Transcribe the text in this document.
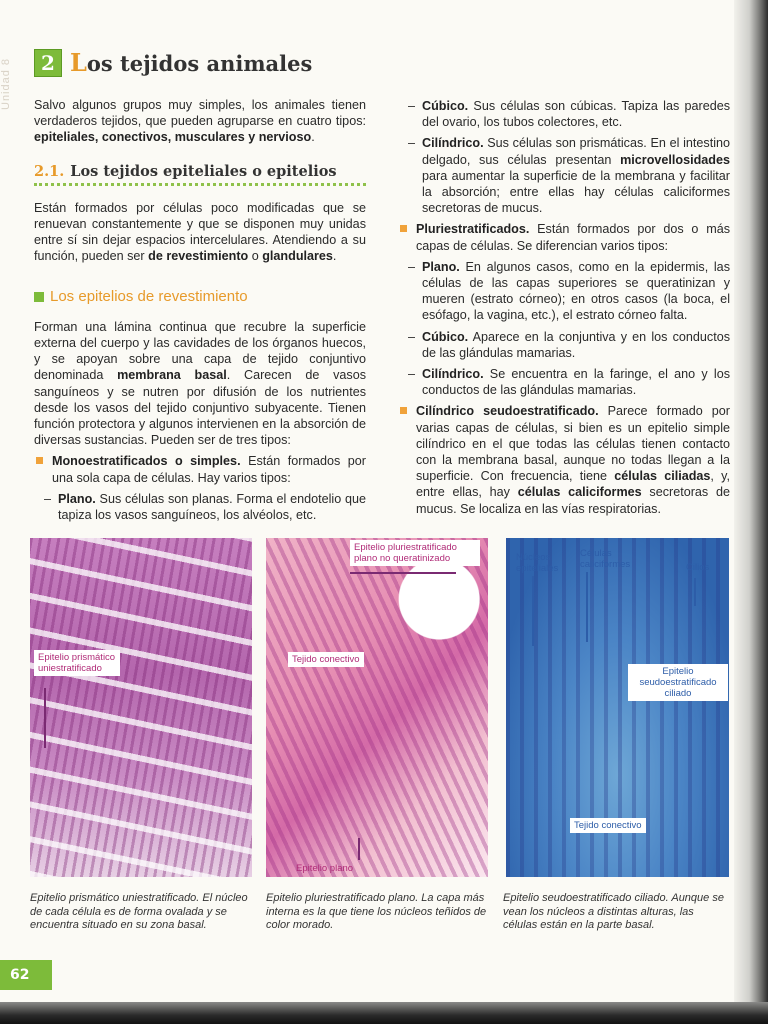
Unidad 8	2 Los tejidos animales

Salvo algunos grupos muy simples, los animales tienen verdaderos tejidos, que pueden agruparse en cuatro tipos: epiteliales, conectivos, musculares y nervioso.

2.1. Los tejidos epiteliales o epitelios

Están formados por células poco modificadas que se renuevan constantemente y que se disponen muy unidas entre sí sin dejar espacios intercelulares. Atendiendo a su función, pueden ser de revestimiento o glandulares.

Los epitelios de revestimiento

Forman una lámina continua que recubre la superficie externa del cuerpo y las cavidades de los órganos huecos, y se apoyan sobre una capa de tejido conjuntivo denominada membrana basal. Carecen de vasos sanguíneos y se nutren por difusión de los nutrientes desde los vasos del tejido conjuntivo subyacente. Tienen función protectora y algunos intervienen en la absorción de diversas sustancias. Pueden ser de tres tipos:

Monoestratificados o simples. Están formados por una sola capa de células. Hay varios tipos:
– Plano. Sus células son planas. Forma el endotelio que tapiza los vasos sanguíneos, los alvéolos, etc.
– Cúbico. Sus células son cúbicas. Tapiza las paredes del ovario, los tubos colectores, etc.
– Cilíndrico. Sus células son prismáticas. En el intestino delgado, sus células presentan microvellosidades para aumentar la superficie de la membrana y facilitar la absorción; entre ellas hay células caliciformes secretoras de mucus.
Pluriestratificados. Están formados por dos o más capas de células. Se diferencian varios tipos:
– Plano. En algunos casos, como en la epidermis, las células de las capas superiores se queratinizan y mueren (estrato córneo); en otros casos (la boca, el esófago, la vagina, etc.), el estrato córneo falta.
– Cúbico. Aparece en la conjuntiva y en los conductos de las glándulas mamarias.
– Cilíndrico. Se encuentra en la faringe, el ano y los conductos de las glándulas mamarias.
Cilíndrico seudoestratificado. Parece formado por varias capas de células, si bien es un epitelio simple cilíndrico en el que todas las células tienen contacto con la membrana basal, aunque no todas llegan a la superficie. Con frecuencia, tiene células ciliadas, y, entre ellas, hay células caliciformes secretoras de mucus. Se localiza en las vías respiratorias.
Epitelio prismático uniestratificado
Epitelio pluriestratificado plano no queratinizado
Tejido conectivo
Epitelio plano
Núcleos epiteliales
Células caliciformes	Cilios
Epitelio seudoestratificado ciliado
Tejido conectivo
Epitelio prismático uniestratificado. El núcleo de cada célula es de forma ovalada y se encuentra situado en su zona basal.
Epitelio pluriestratificado plano. La capa más interna es la que tiene los núcleos teñidos de color morado.
Epitelio seudoestratificado ciliado. Aunque se vean los núcleos a distintas alturas, las células están en la parte basal.
62
